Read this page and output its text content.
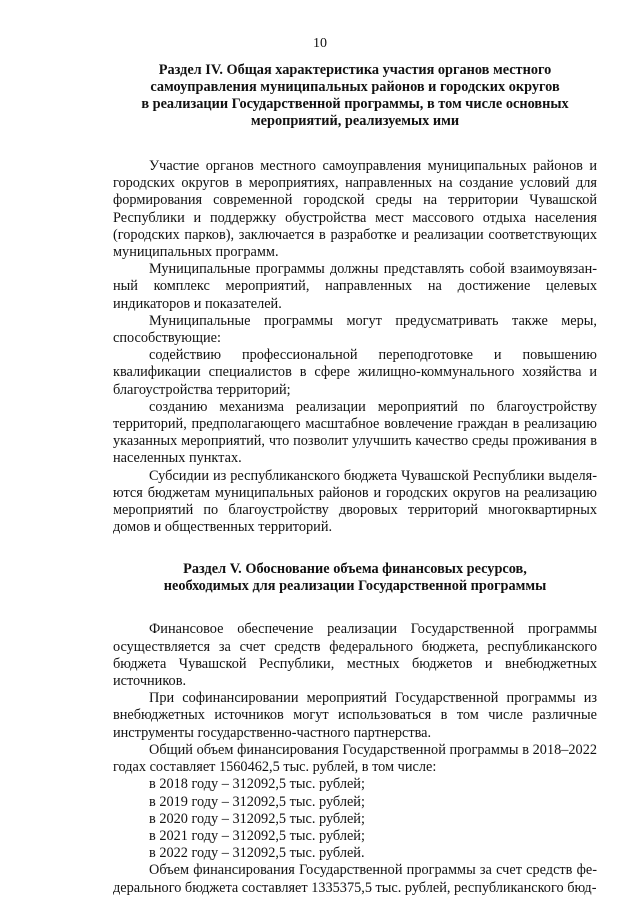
10
Раздел IV. Общая характеристика участия органов местного
самоуправления муниципальных районов и городских округов
в реализации Государственной программы, в том числе основных
мероприятий, реализуемых ими

Участие органов местного самоуправления муниципальных районов и городских округов в мероприятиях, направленных на создание условий для формирования современной городской среды на территории Чувашской Республики и поддержку обустройства мест массового отдыха населения (городских парков), заключается в разработке и реализации соответствующих муниципальных программ.

Муниципальные программы должны представлять собой взаимоувязанный комплекс мероприятий, направленных на достижение целевых индикаторов и показателей.

Муниципальные программы могут предусматривать также меры, способствующие:

содействию профессиональной переподготовке и повышению квалификации специалистов в сфере жилищно-коммунального хозяйства и благоустройства территорий;

созданию механизма реализации мероприятий по благоустройству территорий, предполагающего масштабное вовлечение граждан в реализацию указанных мероприятий, что позволит улучшить качество среды проживания в населенных пунктах.

Субсидии из республиканского бюджета Чувашской Республики выделяются бюджетам муниципальных районов и городских округов на реализацию мероприятий по благоустройству дворовых территорий многоквартирных домов и общественных территорий.

Раздел V. Обоснование объема финансовых ресурсов,
необходимых для реализации Государственной программы

Финансовое обеспечение реализации Государственной программы осуществляется за счет средств федерального бюджета, республиканского бюджета Чувашской Республики, местных бюджетов и внебюджетных источников.

При софинансировании мероприятий Государственной программы из внебюджетных источников могут использоваться в том числе различные инструменты государственно-частного партнерства.

Общий объем финансирования Государственной программы в 2018–2022 годах составляет 1560462,5 тыс. рублей, в том числе:

в 2018 году – 312092,5 тыс. рублей;

в 2019 году – 312092,5 тыс. рублей;

в 2020 году – 312092,5 тыс. рублей;

в 2021 году – 312092,5 тыс. рублей;

в 2022 году – 312092,5 тыс. рублей.

Объем финансирования Государственной программы за счет средств федерального бюджета составляет 1335375,5 тыс. рублей, республиканского бюд-
